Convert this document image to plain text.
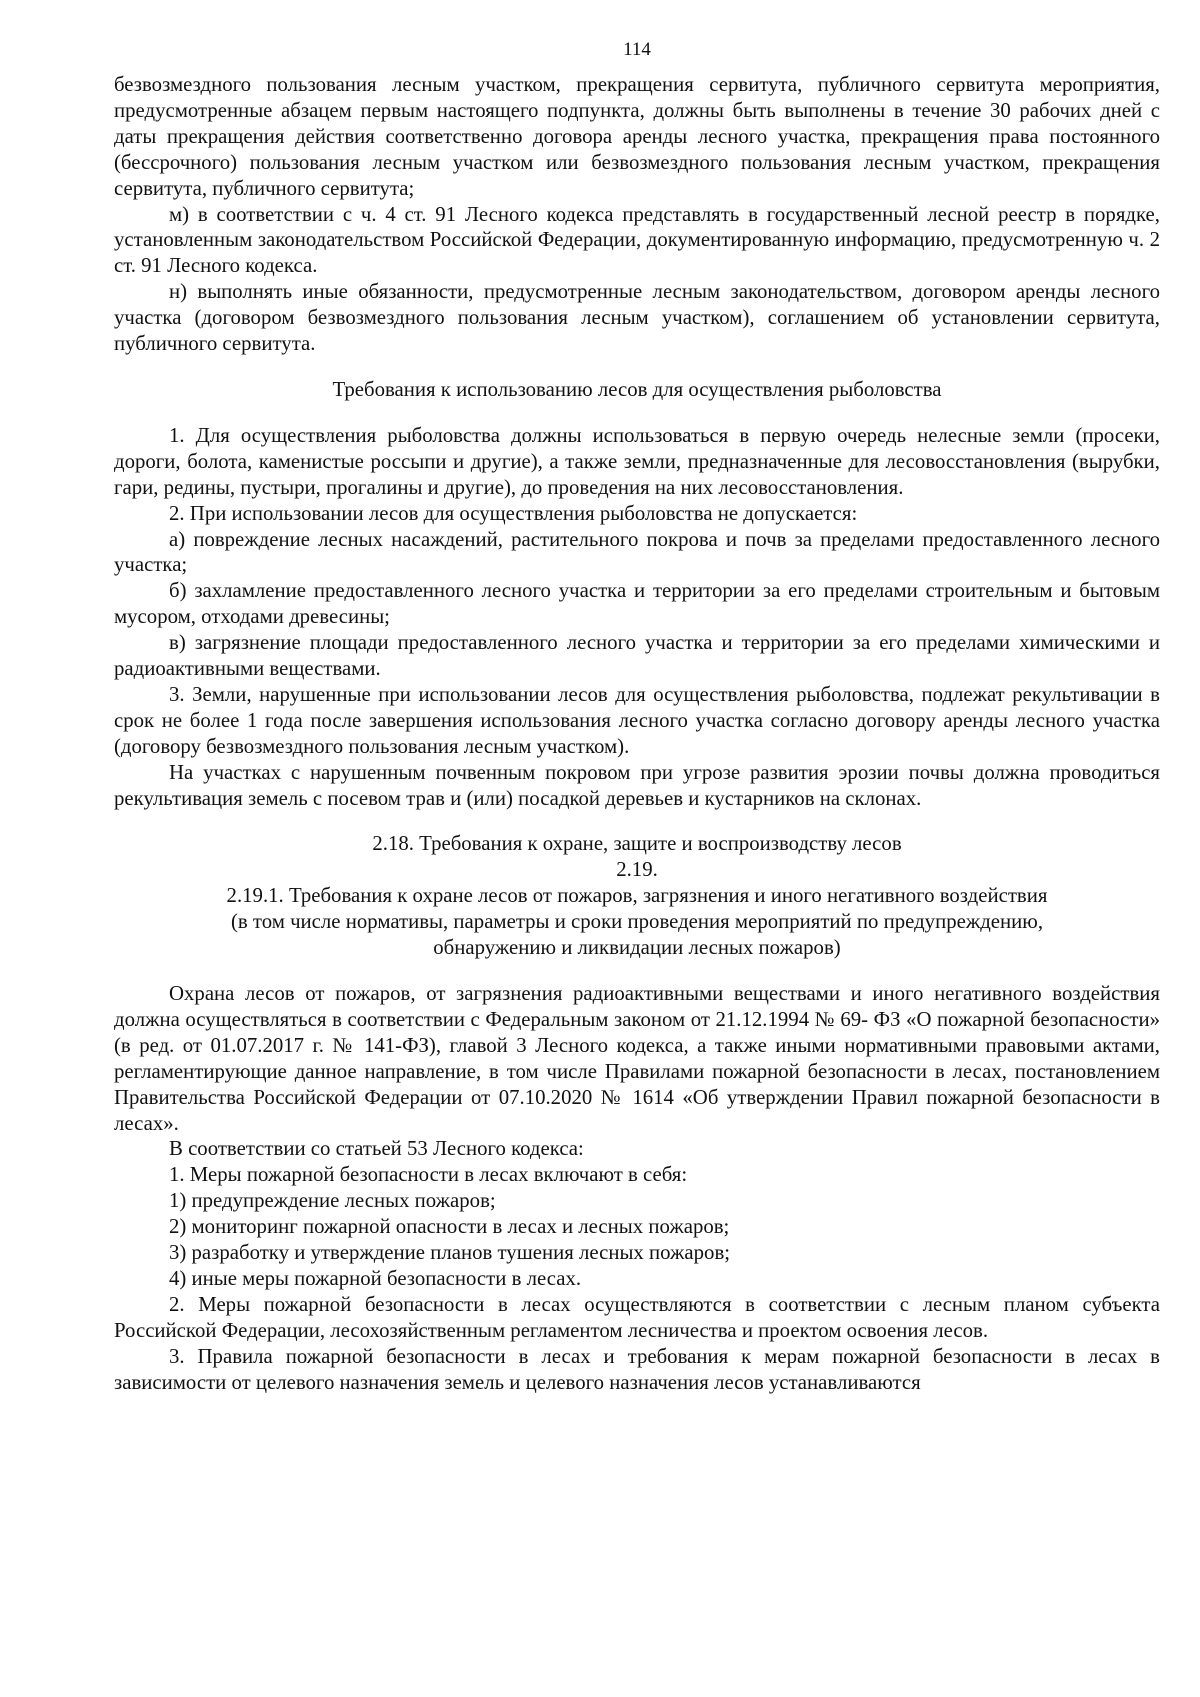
114

безвозмездного пользования лесным участком, прекращения сервитута, публичного сервитута мероприятия, предусмотренные абзацем первым настоящего подпункта, должны быть выполнены в течение 30 рабочих дней с даты прекращения действия соответственно договора аренды лесного участка, прекращения права постоянного (бессрочного) пользования лесным участком или безвозмездного пользования лесным участком, прекращения сервитута, публичного сервитута;

м) в соответствии с ч. 4 ст. 91 Лесного кодекса представлять в государственный лесной реестр в порядке, установленным законодательством Российской Федерации, документированную информацию, предусмотренную ч. 2 ст. 91 Лесного кодекса.

н) выполнять иные обязанности, предусмотренные лесным законодательством, договором аренды лесного участка (договором безвозмездного пользования лесным участком), соглашением об установлении сервитута, публичного сервитута.

Требования к использованию лесов для осуществления рыболовства

1. Для осуществления рыболовства должны использоваться в первую очередь нелесные земли (просеки, дороги, болота, каменистые россыпи и другие), а также земли, предназначенные для лесовосстановления (вырубки, гари, редины, пустыри, прогалины и другие), до проведения на них лесовосстановления.

2. При использовании лесов для осуществления рыболовства не допускается:

а) повреждение лесных насаждений, растительного покрова и почв за пределами предоставленного лесного участка;

б) захламление предоставленного лесного участка и территории за его пределами строительным и бытовым мусором, отходами древесины;

в) загрязнение площади предоставленного лесного участка и территории за его пределами химическими и радиоактивными веществами.

3. Земли, нарушенные при использовании лесов для осуществления рыболовства, подлежат рекультивации в срок не более 1 года после завершения использования лесного участка согласно договору аренды лесного участка (договору безвозмездного пользования лесным участком).

На участках с нарушенным почвенным покровом при угрозе развития эрозии почвы должна проводиться рекультивация земель с посевом трав и (или) посадкой деревьев и кустарников на склонах.

2.18. Требования к охране, защите и воспроизводству лесов
2.19.
2.19.1. Требования к охране лесов от пожаров, загрязнения и иного негативного воздействия
(в том числе нормативы, параметры и сроки проведения мероприятий по предупреждению,
обнаружению и ликвидации лесных пожаров)

Охрана лесов от пожаров, от загрязнения радиоактивными веществами и иного негативного воздействия должна осуществляться в соответствии с Федеральным законом от 21.12.1994 № 69- ФЗ «О пожарной безопасности» (в ред. от 01.07.2017 г. № 141-ФЗ), главой 3 Лесного кодекса, а также иными нормативными правовыми актами, регламентирующие данное направление, в том числе Правилами пожарной безопасности в лесах, постановлением Правительства Российской Федерации от 07.10.2020 № 1614 «Об утверждении Правил пожарной безопасности в лесах».

В соответствии со статьей 53 Лесного кодекса:

1. Меры пожарной безопасности в лесах включают в себя:

1) предупреждение лесных пожаров;

2) мониторинг пожарной опасности в лесах и лесных пожаров;

3) разработку и утверждение планов тушения лесных пожаров;

4) иные меры пожарной безопасности в лесах.

2. Меры пожарной безопасности в лесах осуществляются в соответствии с лесным планом субъекта Российской Федерации, лесохозяйственным регламентом лесничества и проектом освоения лесов.

3. Правила пожарной безопасности в лесах и требования к мерам пожарной безопасности в лесах в зависимости от целевого назначения земель и целевого назначения лесов устанавливаются
